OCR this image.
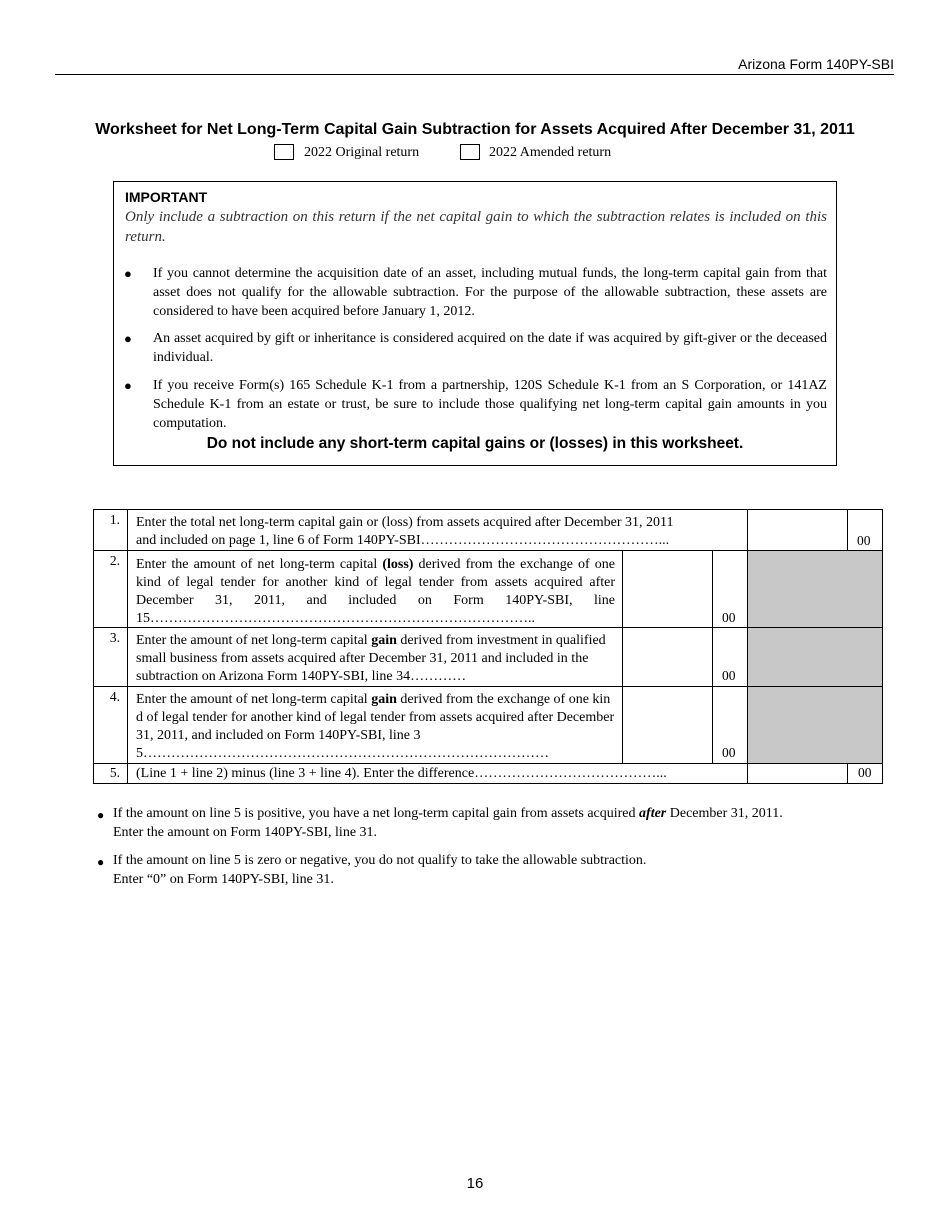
Arizona Form 140PY-SBI
Worksheet for Net Long-Term Capital Gain Subtraction for Assets Acquired After December 31, 2011
2022 Original return	2022 Amended return
IMPORTANT
Only include a subtraction on this return if the net capital gain to which the subtraction relates is included on this return.
● If you cannot determine the acquisition date of an asset, including mutual funds, the long-term capital gain from that asset does not qualify for the allowable subtraction. For the purpose of the allowable subtraction, these assets are considered to have been acquired before January 1, 2012.
● An asset acquired by gift or inheritance is considered acquired on the date if was acquired by gift-giver or the deceased individual.
● If you receive Form(s) 165 Schedule K-1 from a partnership, 120S Schedule K-1 from an S Corporation, or 141AZ Schedule K-1 from an estate or trust, be sure to include those qualifying net long-term capital gain amounts in you computation.
Do not include any short-term capital gains or (losses) in this worksheet.
1. Enter the total net long-term capital gain or (loss) from assets acquired after December 31, 2011
and included on page 1, line 6 of Form 140PY-SBI……………………………………………...	00
2. Enter the amount of net long-term capital (loss) derived from the exchange of one kind of legal tender for another kind of legal tender from assets acquired after December 31, 2011, and included on Form 140PY-SBI, line 15………………………………………………………………………..	00
3. Enter the amount of net long-term capital gain derived from investment in qualified small business from assets acquired after December 31, 2011 and included in the subtraction on Arizona Form 140PY-SBI, line 34…………	00
4. Enter the amount of net long-term capital gain derived from the exchange of one kind of legal tender for another kind of legal tender from assets acquired after December 31, 2011, and included on Form 140PY-SBI, line 35……………………………………………………………………………	00
5. (Line 1 + line 2) minus (line 3 + line 4). Enter the difference…………………………………...	00
● If the amount on line 5 is positive, you have a net long-term capital gain from assets acquired after December 31, 2011.
Enter the amount on Form 140PY-SBI, line 31.
● If the amount on line 5 is zero or negative, you do not qualify to take the allowable subtraction.
Enter “0” on Form 140PY-SBI, line 31.
16
